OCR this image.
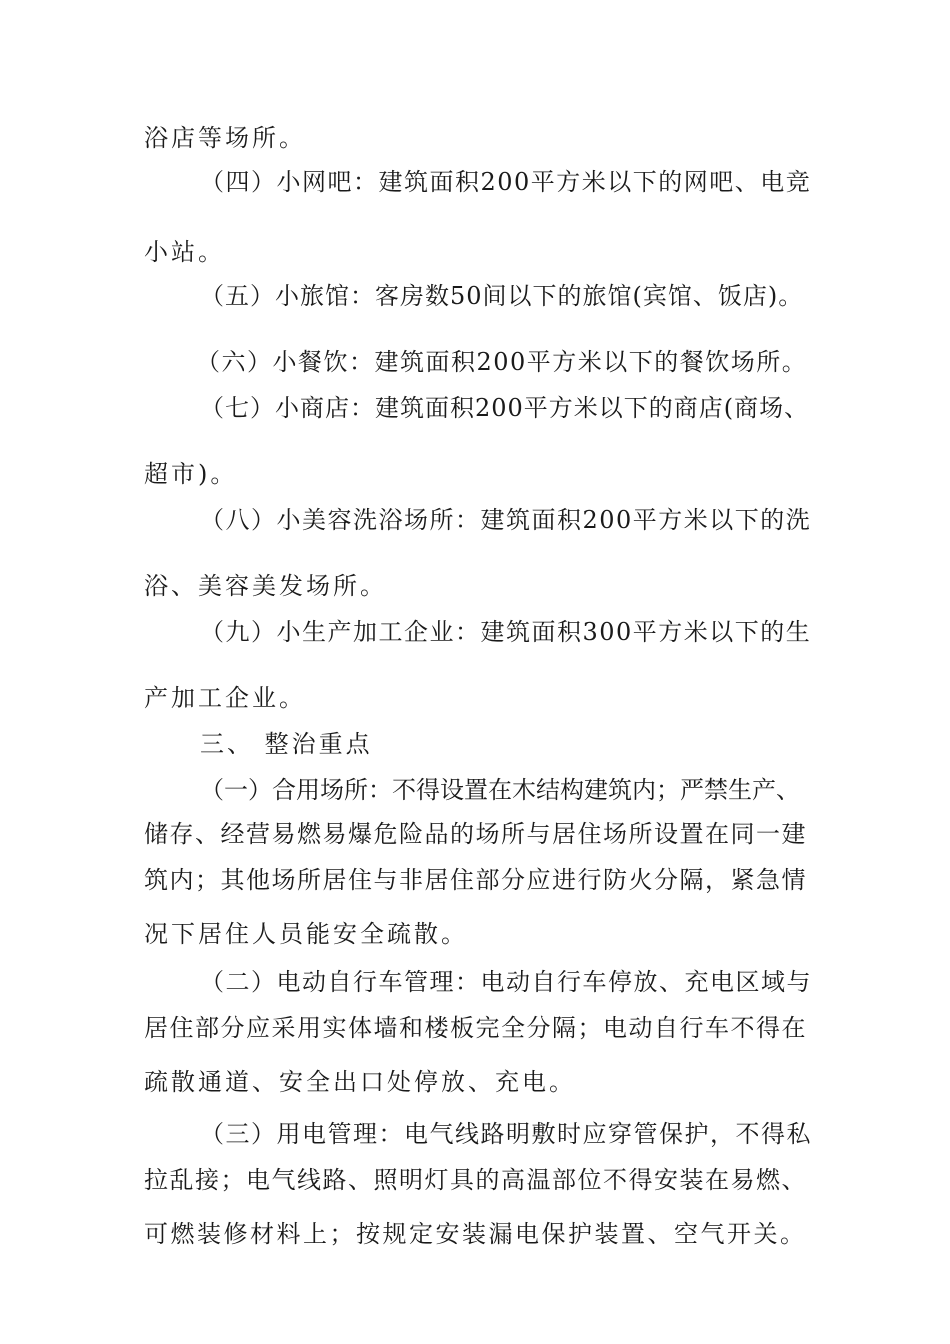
浴店等场所。
（四）小网吧：建筑面积200平方米以下的网吧、电竞
小站。
（五）小旅馆：客房数50间以下的旅馆(宾馆、饭店)。
（六）小餐饮：建筑面积200平方米以下的餐饮场所。
（七）小商店：建筑面积200平方米以下的商店(商场、
超市)。
（八）小美容洗浴场所：建筑面积200平方米以下的洗
浴、美容美发场所。
（九）小生产加工企业：建筑面积300平方米以下的生
产加工企业。
三、 整治重点
（一）合用场所：不得设置在木结构建筑内；严禁生产、
储存、经营易燃易爆危险品的场所与居住场所设置在同一建
筑内；其他场所居住与非居住部分应进行防火分隔，紧急情
况下居住人员能安全疏散。
（二）电动自行车管理：电动自行车停放、充电区域与
居住部分应采用实体墙和楼板完全分隔；电动自行车不得在
疏散通道、安全出口处停放、充电。
（三）用电管理：电气线路明敷时应穿管保护，不得私
拉乱接；电气线路、照明灯具的高温部位不得安装在易燃、
可燃装修材料上；按规定安装漏电保护装置、空气开关。
